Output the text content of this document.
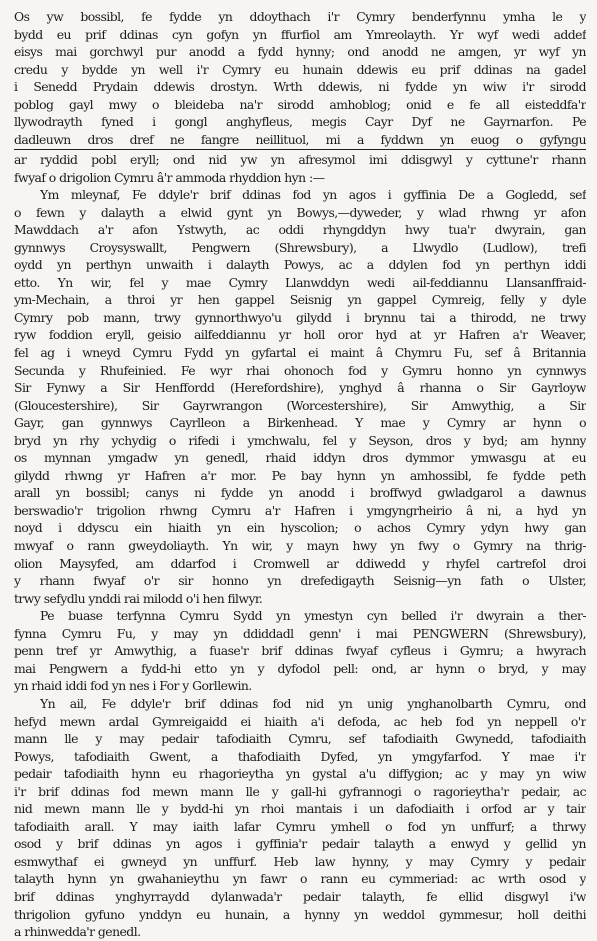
Os yw bossibl, fe fydde yn ddoythach i'r Cymry benderfynnu ymha le y
bydd eu prif ddinas cyn gofyn yn ffurfiol am Ymreolayth. Yr wyf wedi addef
eisys mai gorchwyl pur anodd a fydd hynny; ond anodd ne amgen, yr wyf yn
credu y bydde yn well i'r Cymry eu hunain ddewis eu prif ddinas na gadel
i Senedd Prydain ddewis drostyn. Wrth ddewis, ni fydde yn wiw i'r sirodd
poblog gayl mwy o bleideba na'r sirodd amhoblog; onid e fe all eisteddfa'r
llywodrayth fyned i gongl anghyfleus, megis Cayr Dyf ne Gayrnarfon. Pe
dadleuwn dros dref ne fangre neillituol, mi a fyddwn yn euog o gyfyngu
ar ryddid pobl eryll; ond nid yw yn afresymol imi ddisgwyl y cyttune'r rhann
fwyaf o drigolion Cymru â'r ammoda rhyddion hyn :—
Ym mleynaf, Fe ddyle'r brif ddinas fod yn agos i gyffinia De a Gogledd, sef
o fewn y dalayth a elwid gynt yn Bowys,—dyweder, y wlad rhwng yr afon
Mawddach a'r afon Ystwyth, ac oddi rhyngddyn hwy tua'r dwyrain, gan
gynnwys Croysyswallt, Pengwern (Shrewsbury), a Llwydlo (Ludlow), trefi
oydd yn perthyn unwaith i dalayth Powys, ac a ddylen fod yn perthyn iddi
etto. Yn wir, fel y mae Cymry Llanwddyn wedi ail-feddiannu Llansanffraid-
ym-Mechain, a throi yr hen gappel Seisnig yn gappel Cymreig, felly y dyle
Cymry pob mann, trwy gynnorthwyo'u gilydd i brynnu tai a thirodd, ne trwy
ryw foddion eryll, geisio ailfeddiannu yr holl oror hyd at yr Hafren a'r Weaver,
fel ag i wneyd Cymru Fydd yn gyfartal ei maint â Chymru Fu, sef â Britannia
Secunda y Rhufeinied. Fe wyr rhai ohonoch fod y Gymru honno yn cynnwys
Sir Fynwy a Sir Henffordd (Herefordshire), ynghyd â rhanna o Sir Gayrloyw
(Gloucestershire), Sir Gayrwrangon (Worcestershire), Sir Amwythig, a Sir
Gayr, gan gynnwys Cayrlleon a Birkenhead. Y mae y Cymry ar hynn o
bryd yn rhy ychydig o rifedi i ymchwalu, fel y Seyson, dros y byd; am hynny
os mynnan ymgadw yn genedl, rhaid iddyn dros dymmor ymwasgu at eu
gilydd rhwng yr Hafren a'r mor. Pe bay hynn yn amhossibl, fe fydde peth
arall yn bossibl; canys ni fydde yn anodd i broffwyd gwladgarol a dawnus
berswadio'r trigolion rhwng Cymru a'r Hafren i ymgyngrheirio â ni, a hyd yn
noyd i ddyscu ein hiaith yn ein hyscolion; o achos Cymry ydyn hwy gan
mwyaf o rann gweydoliayth. Yn wir, y mayn hwy yn fwy o Gymry na thrig-
olion Maysyfed, am ddarfod i Cromwell ar ddiwedd y rhyfel cartrefol droi
y rhann fwyaf o'r sir honno yn drefedigayth Seisnig—yn fath o Ulster,
trwy sefydlu ynddi rai milodd o'i hen filwyr.
Pe buase terfynna Cymru Sydd yn ymestyn cyn belled i'r dwyrain a ther-
fynna Cymru Fu, y may yn ddiddadl genn' i mai PENGWERN (Shrewsbury),
penn tref yr Amwythig, a fuase'r brif ddinas fwyaf cyfleus i Gymru; a hwyrach
mai Pengwern a fydd-hi etto yn y dyfodol pell: ond, ar hynn o bryd, y may
yn rhaid iddi fod yn nes i For y Gorllewin.
Yn ail, Fe ddyle'r brif ddinas fod nid yn unig ynghanolbarth Cymru, ond
hefyd mewn ardal Gymreigaidd ei hiaith a'i defoda, ac heb fod yn neppell o'r
mann lle y may pedair tafodiaith Cymru, sef tafodiaith Gwynedd, tafodiaith
Powys, tafodiaith Gwent, a thafodiaith Dyfed, yn ymgyfarfod. Y mae i'r
pedair tafodiaith hynn eu rhagorieytha yn gystal a'u diffygion; ac y may yn wiw
i'r brif ddinas fod mewn mann lle y gall-hi gyfrannogi o ragorieytha'r pedair, ac
nid mewn mann lle y bydd-hi yn rhoi mantais i un dafodiaith i orfod ar y tair
tafodiaith arall. Y may iaith lafar Cymru ymhell o fod yn unffurf; a thrwy
osod y brif ddinas yn agos i gyffinia'r pedair talayth a enwyd y gellid yn
esmwythaf ei gwneyd yn unffurf. Heb law hynny, y may Cymry y pedair
talayth hynn yn gwahanieythu yn fawr o rann eu cymmeriad: ac wrth osod y
brif ddinas ynghyrraydd dylanwada'r pedair talayth, fe ellid disgwyl i'w
thrigolion gyfuno ynddyn eu hunain, a hynny yn weddol gymmesur, holl deithi
a rhinwedda'r genedl.
